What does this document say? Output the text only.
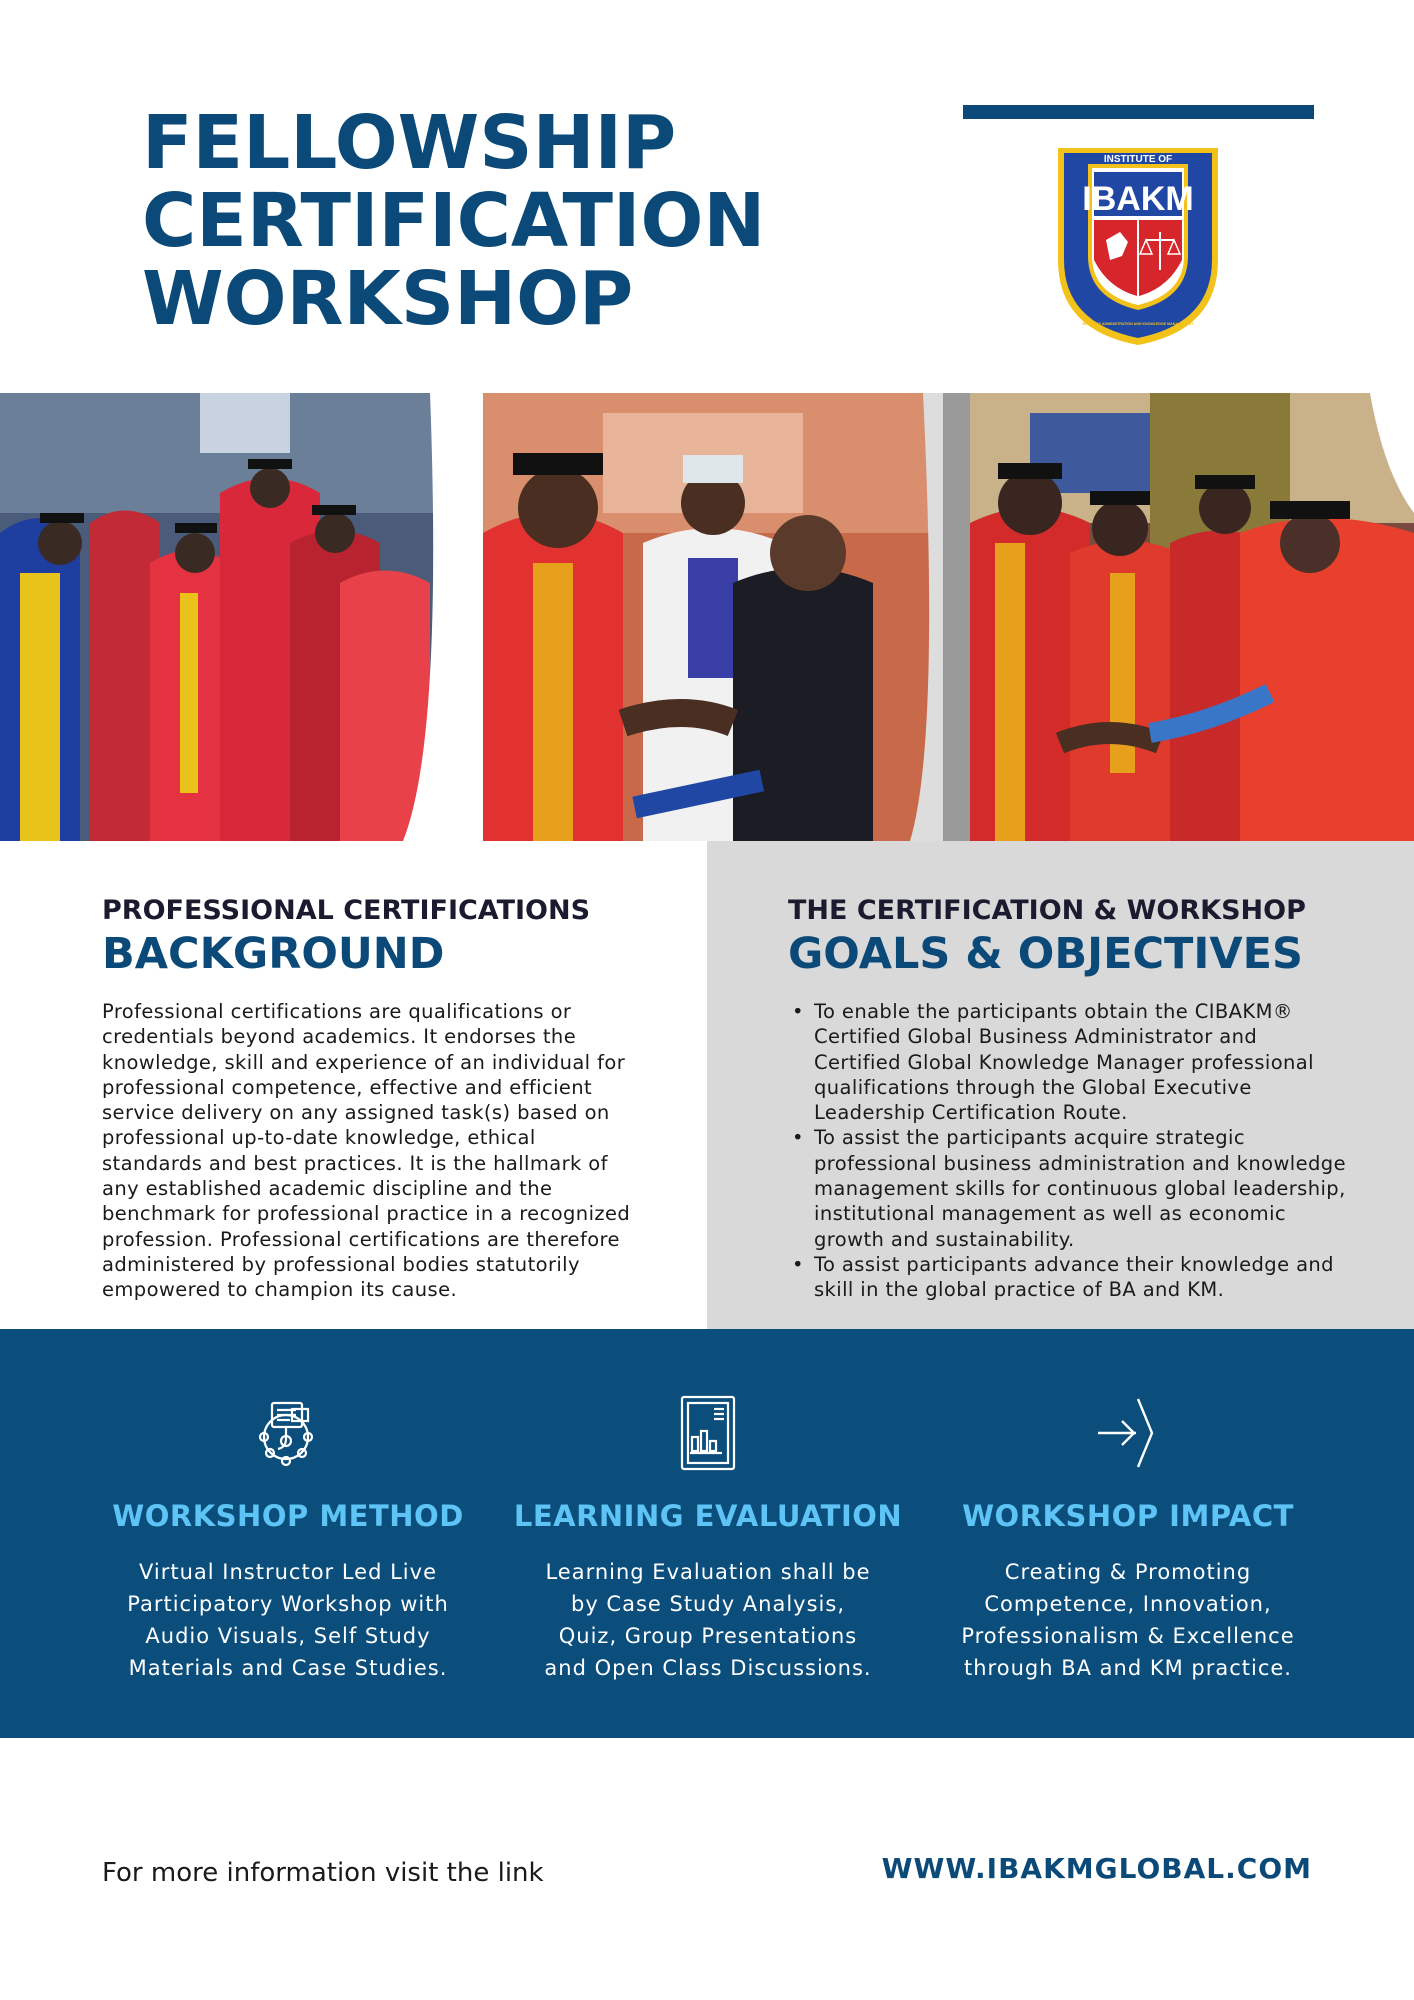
FELLOWSHIP
CERTIFICATION
WORKSHOP
IBAKM
INSTITUTE OF
BUSINESS ADMINISTRATION AND KNOWLEDGE MANAGEMENT
PROFESSIONAL CERTIFICATIONS
BACKGROUND
Professional certifications are qualifications or
credentials beyond academics. It endorses the
knowledge, skill and experience of an individual for
professional competence, effective and efficient
service delivery on any assigned task(s) based on
professional up-to-date knowledge, ethical
standards and best practices. It is the hallmark of
any established academic discipline and the
benchmark for professional practice in a recognized
profession. Professional certifications are therefore
administered by professional bodies statutorily
empowered to champion its cause.
THE CERTIFICATION & WORKSHOP
GOALS & OBJECTIVES
• To enable the participants obtain the CIBAKM® Certified Global Business Administrator and Certified Global Knowledge Manager professional qualifications through the Global Executive Leadership Certification Route.
• To assist the participants acquire strategic professional business administration and knowledge management skills for continuous global leadership, institutional management as well as economic growth and sustainability.
• To assist participants advance their knowledge and skill in the global practice of BA and KM.
WORKSHOP METHOD
Virtual Instructor Led Live Participatory Workshop with Audio Visuals, Self Study Materials and Case Studies.
LEARNING EVALUATION
Learning Evaluation shall be by Case Study Analysis, Quiz, Group Presentations and Open Class Discussions.
WORKSHOP IMPACT
Creating & Promoting Competence, Innovation, Professionalism & Excellence through BA and KM practice.
For more information visit the link	WWW.IBAKMGLOBAL.COM
